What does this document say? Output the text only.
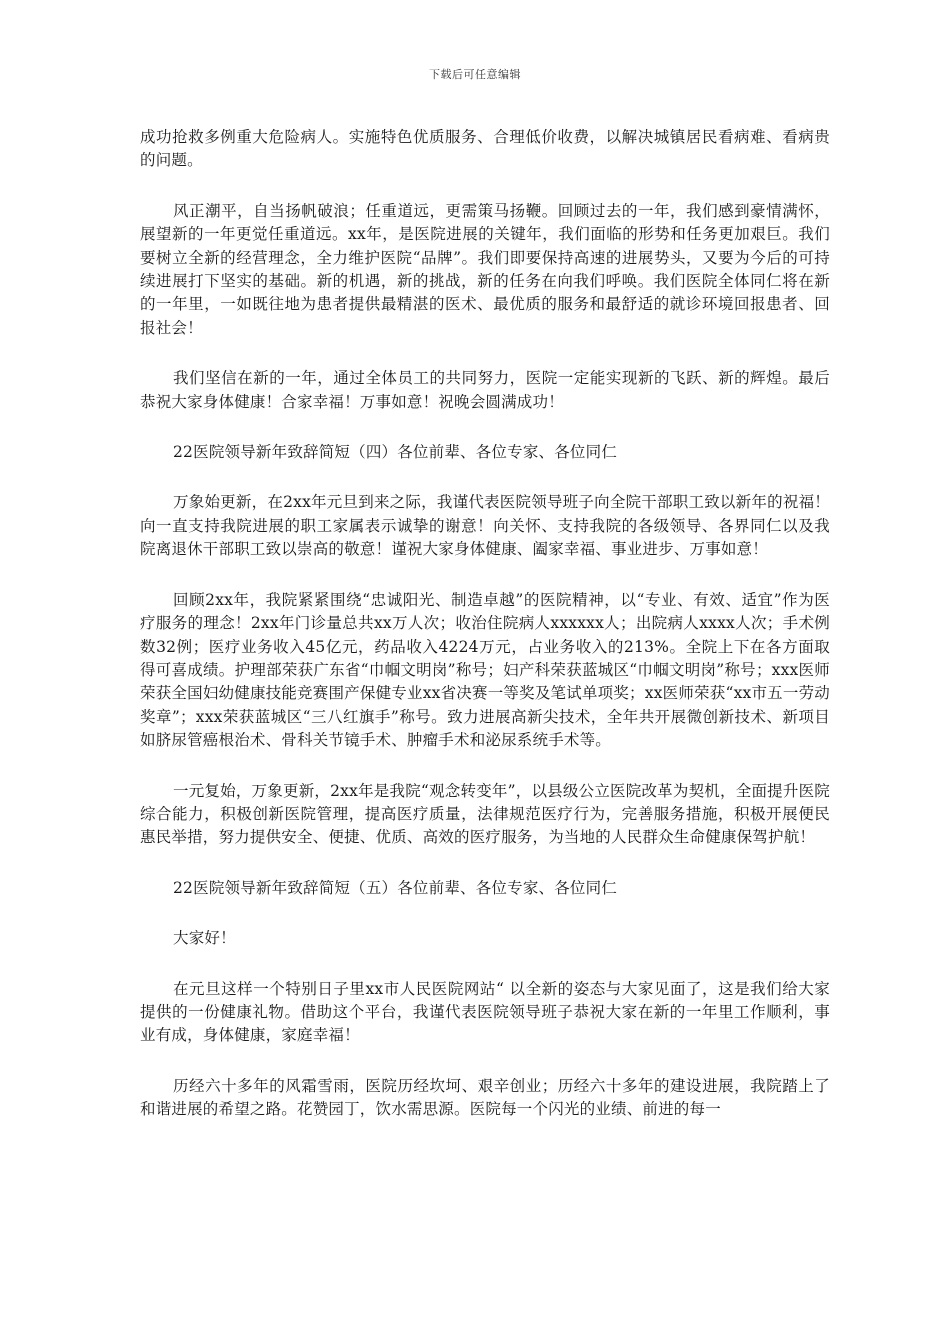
下载后可任意编辑

成功抢救多例重大危险病人。实施特色优质服务、合理低价收费，以解决城镇居民看病难、看病贵的问题。

风正潮平，自当扬帆破浪；任重道远，更需策马扬鞭。回顾过去的一年，我们感到豪情满怀，展望新的一年更觉任重道远。xx年，是医院进展的关键年，我们面临的形势和任务更加艰巨。我们要树立全新的经营理念，全力维护医院“品牌”。我们即要保持高速的进展势头，又要为今后的可持续进展打下坚实的基础。新的机遇，新的挑战，新的任务在向我们呼唤。我们医院全体同仁将在新的一年里，一如既往地为患者提供最精湛的医术、最优质的服务和最舒适的就诊环境回报患者、回报社会！

我们坚信在新的一年，通过全体员工的共同努力，医院一定能实现新的飞跃、新的辉煌。最后恭祝大家身体健康！合家幸福！万事如意！祝晚会圆满成功！

22医院领导新年致辞简短（四）各位前辈、各位专家、各位同仁

万象始更新，在2xx年元旦到来之际，我谨代表医院领导班子向全院干部职工致以新年的祝福！向一直支持我院进展的职工家属表示诚挚的谢意！向关怀、支持我院的各级领导、各界同仁以及我院离退休干部职工致以崇高的敬意！谨祝大家身体健康、阖家幸福、事业进步、万事如意！

回顾2xx年，我院紧紧围绕“忠诚阳光、制造卓越”的医院精神，以“专业、有效、适宜”作为医疗服务的理念！2xx年门诊量总共xx万人次；收治住院病人xxxxxx人；出院病人xxxx人次；手术例数32例；医疗业务收入45亿元，药品收入4224万元，占业务收入的213%。全院上下在各方面取得可喜成绩。护理部荣获广东省“巾帼文明岗”称号；妇产科荣获蓝城区“巾帼文明岗”称号；xxx医师荣获全国妇幼健康技能竞赛围产保健专业xx省决赛一等奖及笔试单项奖；xx医师荣获“xx市五一劳动奖章”；xxx荣获蓝城区“三八红旗手”称号。致力进展高新尖技术，全年共开展微创新技术、新项目如脐尿管癌根治术、骨科关节镜手术、肿瘤手术和泌尿系统手术等。

一元复始，万象更新，2xx年是我院“观念转变年”，以县级公立医院改革为契机，全面提升医院综合能力，积极创新医院管理，提高医疗质量，法律规范医疗行为，完善服务措施，积极开展便民惠民举措，努力提供安全、便捷、优质、高效的医疗服务，为当地的人民群众生命健康保驾护航！

22医院领导新年致辞简短（五）各位前辈、各位专家、各位同仁

大家好！

在元旦这样一个特别日子里xx市人民医院网站“ 以全新的姿态与大家见面了，这是我们给大家提供的一份健康礼物。借助这个平台，我谨代表医院领导班子恭祝大家在新的一年里工作顺利，事业有成，身体健康，家庭幸福！

历经六十多年的风霜雪雨，医院历经坎坷、艰辛创业；历经六十多年的建设进展，我院踏上了和谐进展的希望之路。花赞园丁，饮水需思源。医院每一个闪光的业绩、前进的每一
